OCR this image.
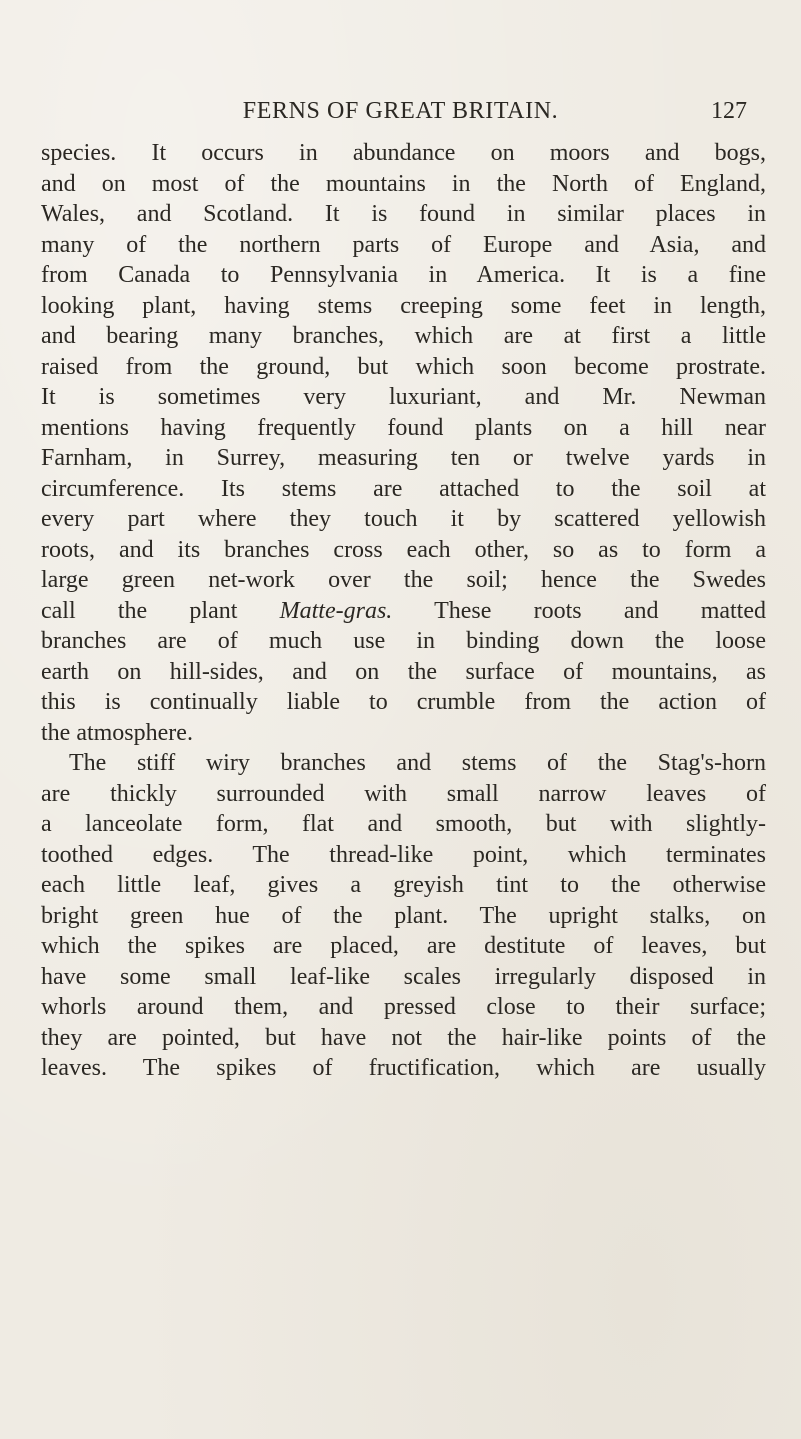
FERNS OF GREAT BRITAIN.	127
species. It occurs in abundance on moors and bogs,
and on most of the mountains in the North of England,
Wales, and Scotland. It is found in similar places in
many of the northern parts of Europe and Asia, and
from Canada to Pennsylvania in America. It is a fine
looking plant, having stems creeping some feet in length,
and bearing many branches, which are at first a little
raised from the ground, but which soon become prostrate.
It is sometimes very luxuriant, and Mr. Newman
mentions having frequently found plants on a hill near
Farnham, in Surrey, measuring ten or twelve yards in
circumference. Its stems are attached to the soil at
every part where they touch it by scattered yellowish
roots, and its branches cross each other, so as to form a
large green net-work over the soil; hence the Swedes
call the plant Matte-gras. These roots and matted
branches are of much use in binding down the loose
earth on hill-sides, and on the surface of mountains, as
this is continually liable to crumble from the action of
the atmosphere.
The stiff wiry branches and stems of the Stag's-horn
are thickly surrounded with small narrow leaves of
a lanceolate form, flat and smooth, but with slightly-
toothed edges. The thread-like point, which terminates
each little leaf, gives a greyish tint to the otherwise
bright green hue of the plant. The upright stalks, on
which the spikes are placed, are destitute of leaves, but
have some small leaf-like scales irregularly disposed in
whorls around them, and pressed close to their surface;
they are pointed, but have not the hair-like points of the
leaves. The spikes of fructification, which are usually
